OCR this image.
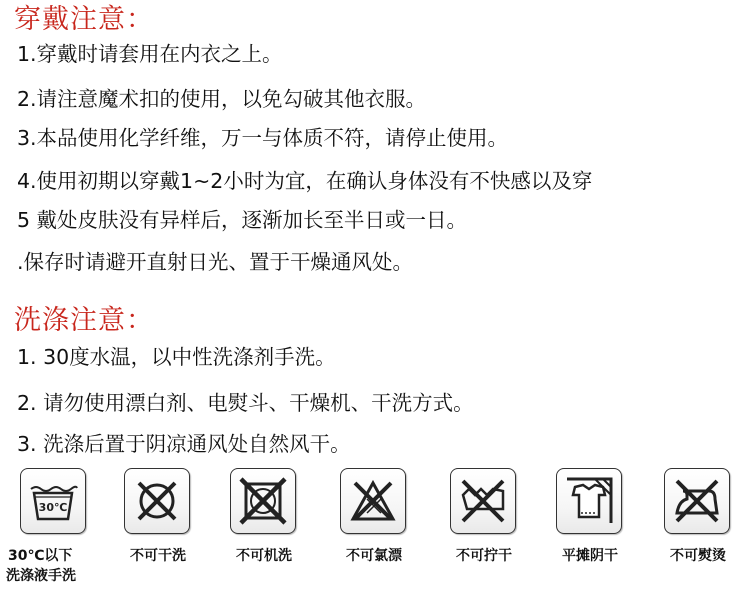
穿戴注意：
1.穿戴时请套用在内衣之上。
2.请注意魔术扣的使用，以免勾破其他衣服。
3.本品使用化学纤维，万一与体质不符，请停止使用。
4.使用初期以穿戴1~2小时为宜，在确认身体没有不快感以及穿
5 戴处皮肤没有异样后，逐渐加长至半日或一日。
.保存时请避开直射日光、置于干燥通风处。
洗涤注意：
1. 30度水温，以中性洗涤剂手洗。
2. 请勿使用漂白剂、电熨斗、干燥机、干洗方式。
3. 洗涤后置于阴凉通风处自然风干。
30℃
30℃以下
洗涤液手洗
不可干洗	不可机洗	不可氯漂	不可拧干	平摊阴干	不可熨烫
